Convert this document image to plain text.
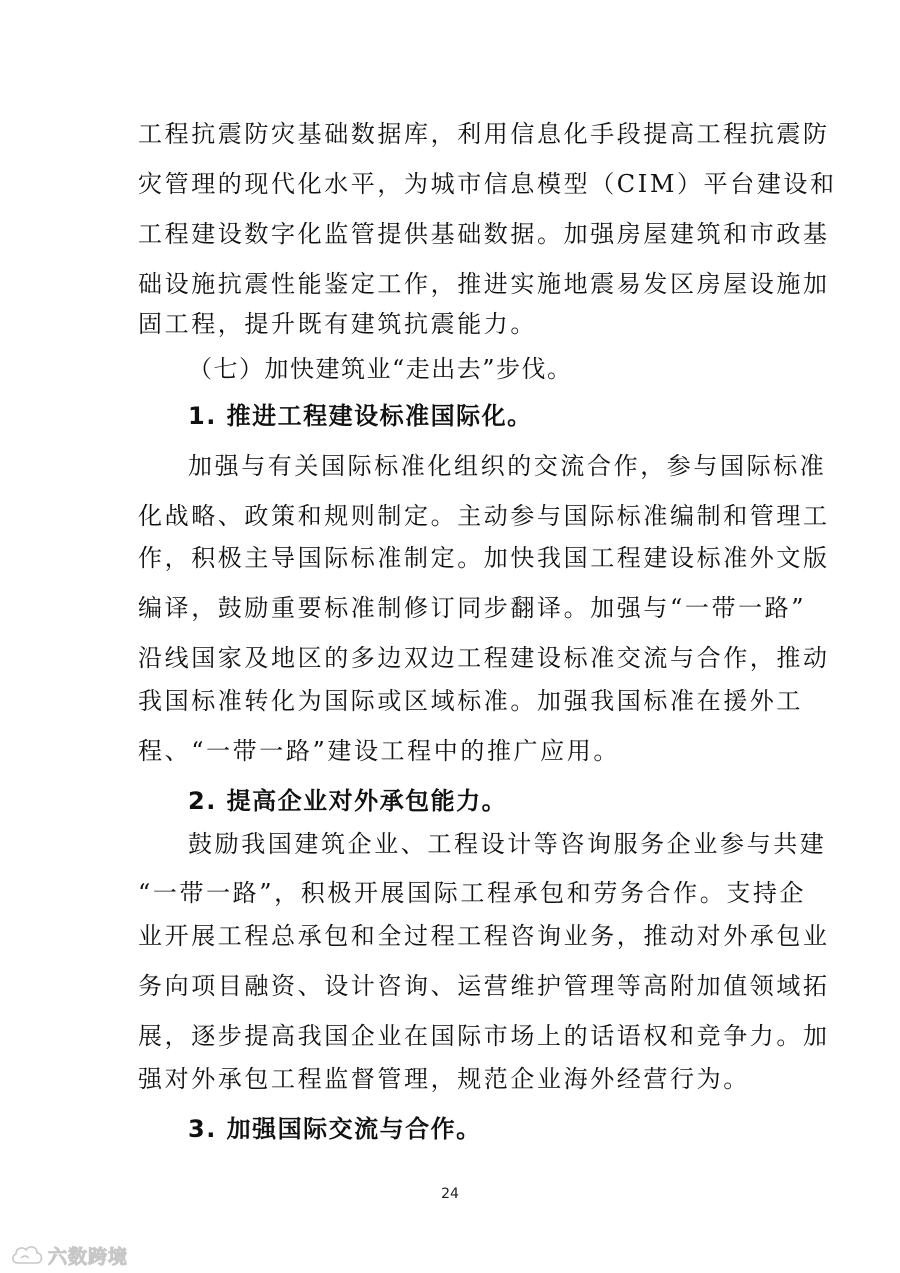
工程抗震防灾基础数据库，利用信息化手段提高工程抗震防
灾管理的现代化水平，为城市信息模型（CIM）平台建设和
工程建设数字化监管提供基础数据。加强房屋建筑和市政基
础设施抗震性能鉴定工作，推进实施地震易发区房屋设施加
固工程，提升既有建筑抗震能力。
（七）加快建筑业“走出去”步伐。
1. 推进工程建设标准国际化。
加强与有关国际标准化组织的交流合作，参与国际标准
化战略、政策和规则制定。主动参与国际标准编制和管理工
作，积极主导国际标准制定。加快我国工程建设标准外文版
编译，鼓励重要标准制修订同步翻译。加强与“一带一路”
沿线国家及地区的多边双边工程建设标准交流与合作，推动
我国标准转化为国际或区域标准。加强我国标准在援外工
程、“一带一路”建设工程中的推广应用。
2. 提高企业对外承包能力。
鼓励我国建筑企业、工程设计等咨询服务企业参与共建
“一带一路”，积极开展国际工程承包和劳务合作。支持企
业开展工程总承包和全过程工程咨询业务，推动对外承包业
务向项目融资、设计咨询、运营维护管理等高附加值领域拓
展，逐步提高我国企业在国际市场上的话语权和竞争力。加
强对外承包工程监督管理，规范企业海外经营行为。
3. 加强国际交流与合作。
24
六数跨境
